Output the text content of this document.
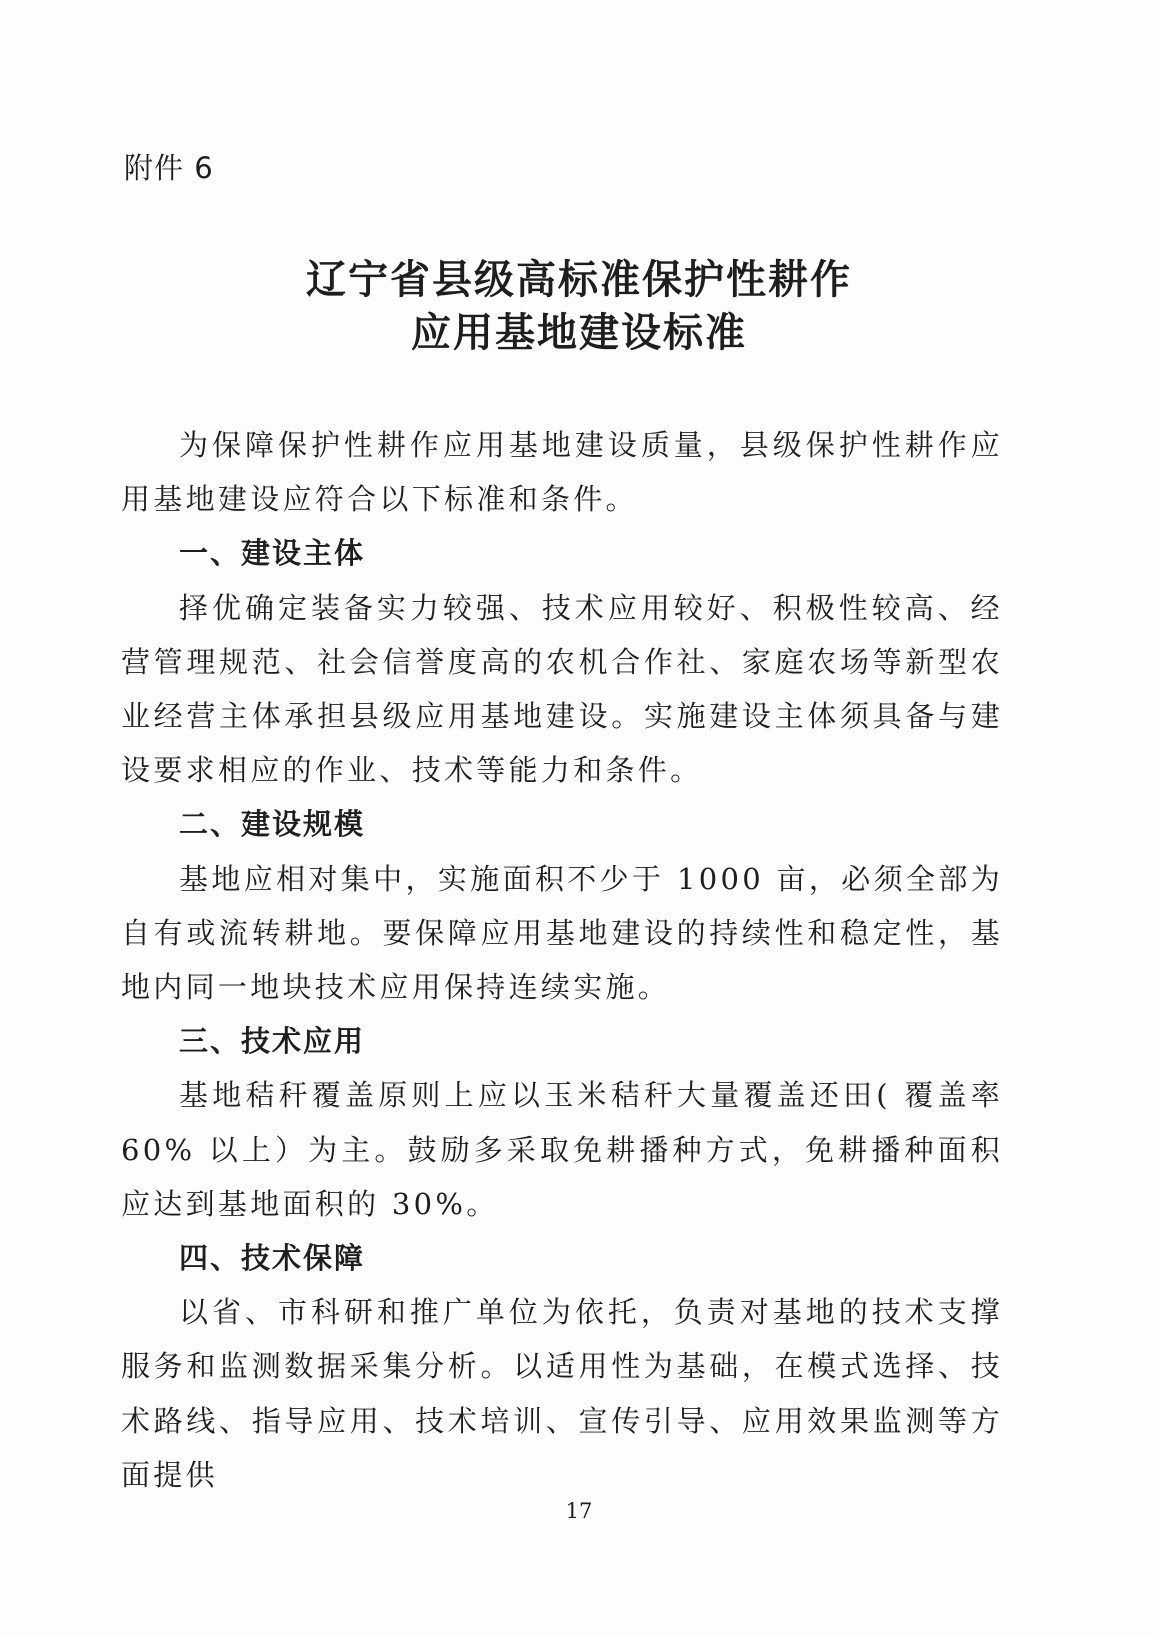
附件 6
辽宁省县级高标准保护性耕作
应用基地建设标准

为保障保护性耕作应用基地建设质量，县级保护性耕作应用基地建设应符合以下标准和条件。

一、建设主体

择优确定装备实力较强、技术应用较好、积极性较高、经营管理规范、社会信誉度高的农机合作社、家庭农场等新型农业经营主体承担县级应用基地建设。实施建设主体须具备与建设要求相应的作业、技术等能力和条件。

二、建设规模

基地应相对集中，实施面积不少于 1000 亩，必须全部为自有或流转耕地。要保障应用基地建设的持续性和稳定性，基地内同一地块技术应用保持连续实施。

三、技术应用

基地秸秆覆盖原则上应以玉米秸秆大量覆盖还田( 覆盖率 60% 以上）为主。鼓励多采取免耕播种方式，免耕播种面积应达到基地面积的 30%。

四、技术保障

以省、市科研和推广单位为依托，负责对基地的技术支撑服务和监测数据采集分析。以适用性为基础，在模式选择、技术路线、指导应用、技术培训、宣传引导、应用效果监测等方面提供

17
